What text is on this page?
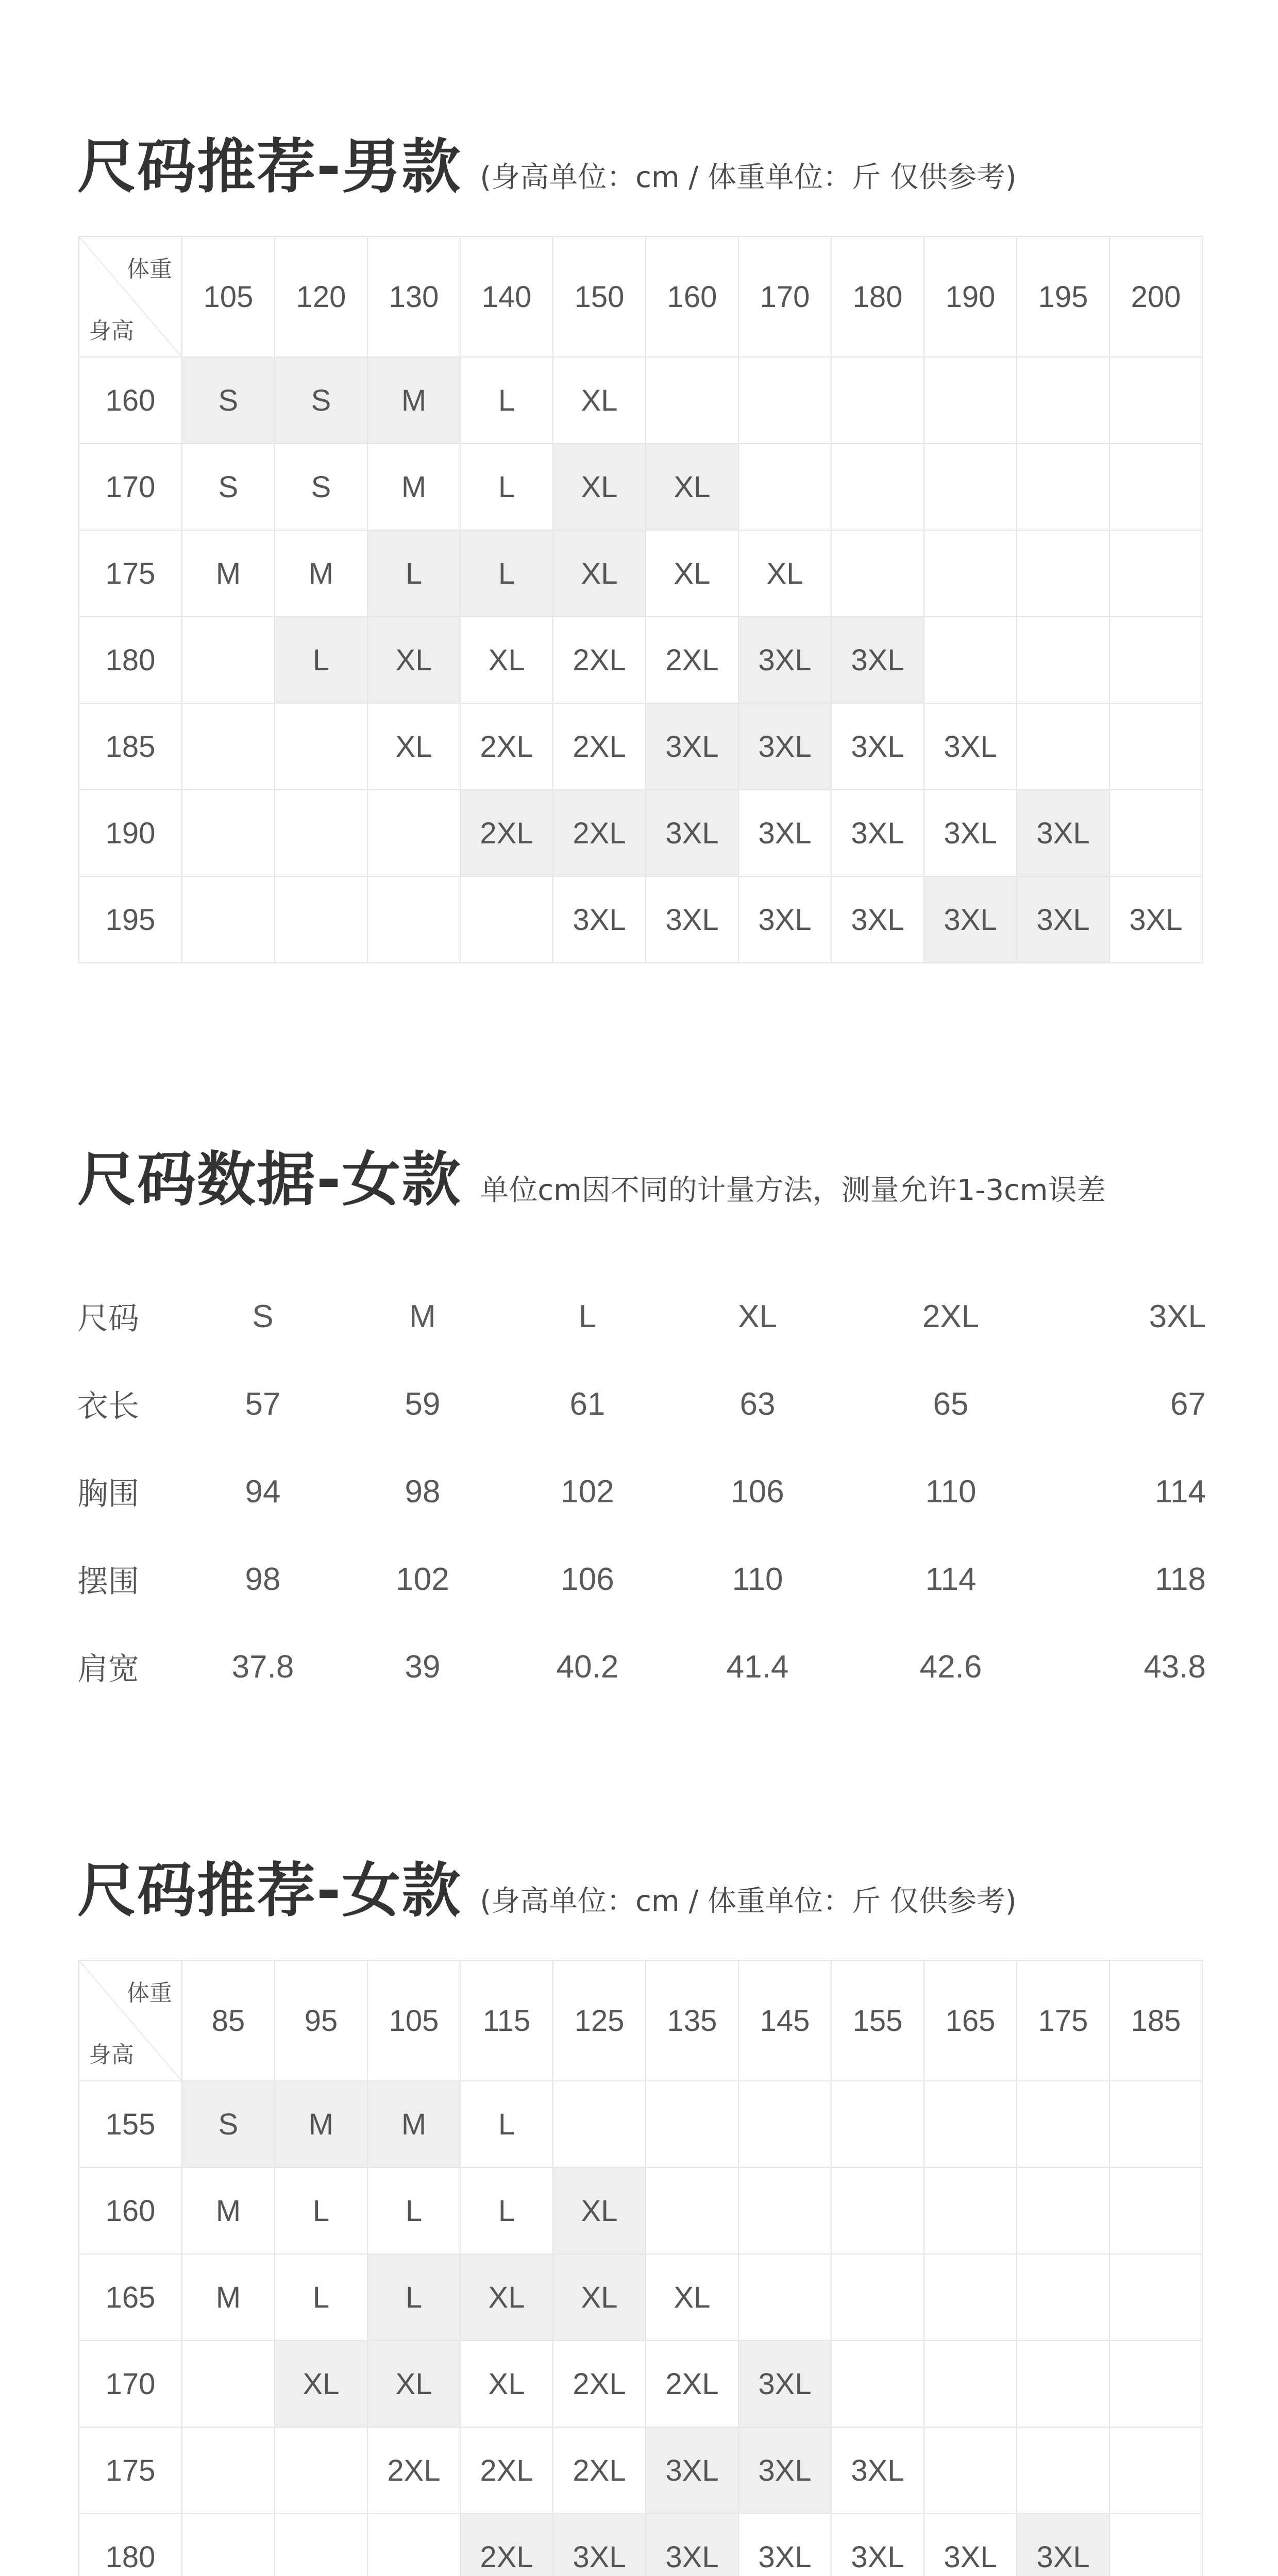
尺码推荐-男款 (身高单位：cm / 体重单位：斤 仅供参考)
体重
身高	105	120	130	140	150	160	170	180	190	195	200
160	S	S	M	L	XL						
170	S	S	M	L	XL	XL					
175	M	M	L	L	XL	XL	XL				
180		L	XL	XL	2XL	2XL	3XL	3XL			
185			XL	2XL	2XL	3XL	3XL	3XL	3XL		
190				2XL	2XL	3XL	3XL	3XL	3XL	3XL	
195					3XL	3XL	3XL	3XL	3XL	3XL	3XL
尺码数据-女款 单位cm因不同的计量方法，测量允许1-3cm误差
尺码	S	M	L	XL	2XL	3XL
衣长	57	59	61	63	65	67
胸围	94	98	102	106	110	114
摆围	98	102	106	110	114	118
肩宽	37.8	39	40.2	41.4	42.6	43.8
尺码推荐-女款 (身高单位：cm / 体重单位：斤 仅供参考)
体重
身高	85	95	105	115	125	135	145	155	165	175	185
155	S	M	M	L							
160	M	L	L	L	XL						
165	M	L	L	XL	XL	XL					
170		XL	XL	XL	2XL	2XL	3XL				
175			2XL	2XL	2XL	3XL	3XL	3XL			
180				2XL	3XL	3XL	3XL	3XL	3XL	3XL	
